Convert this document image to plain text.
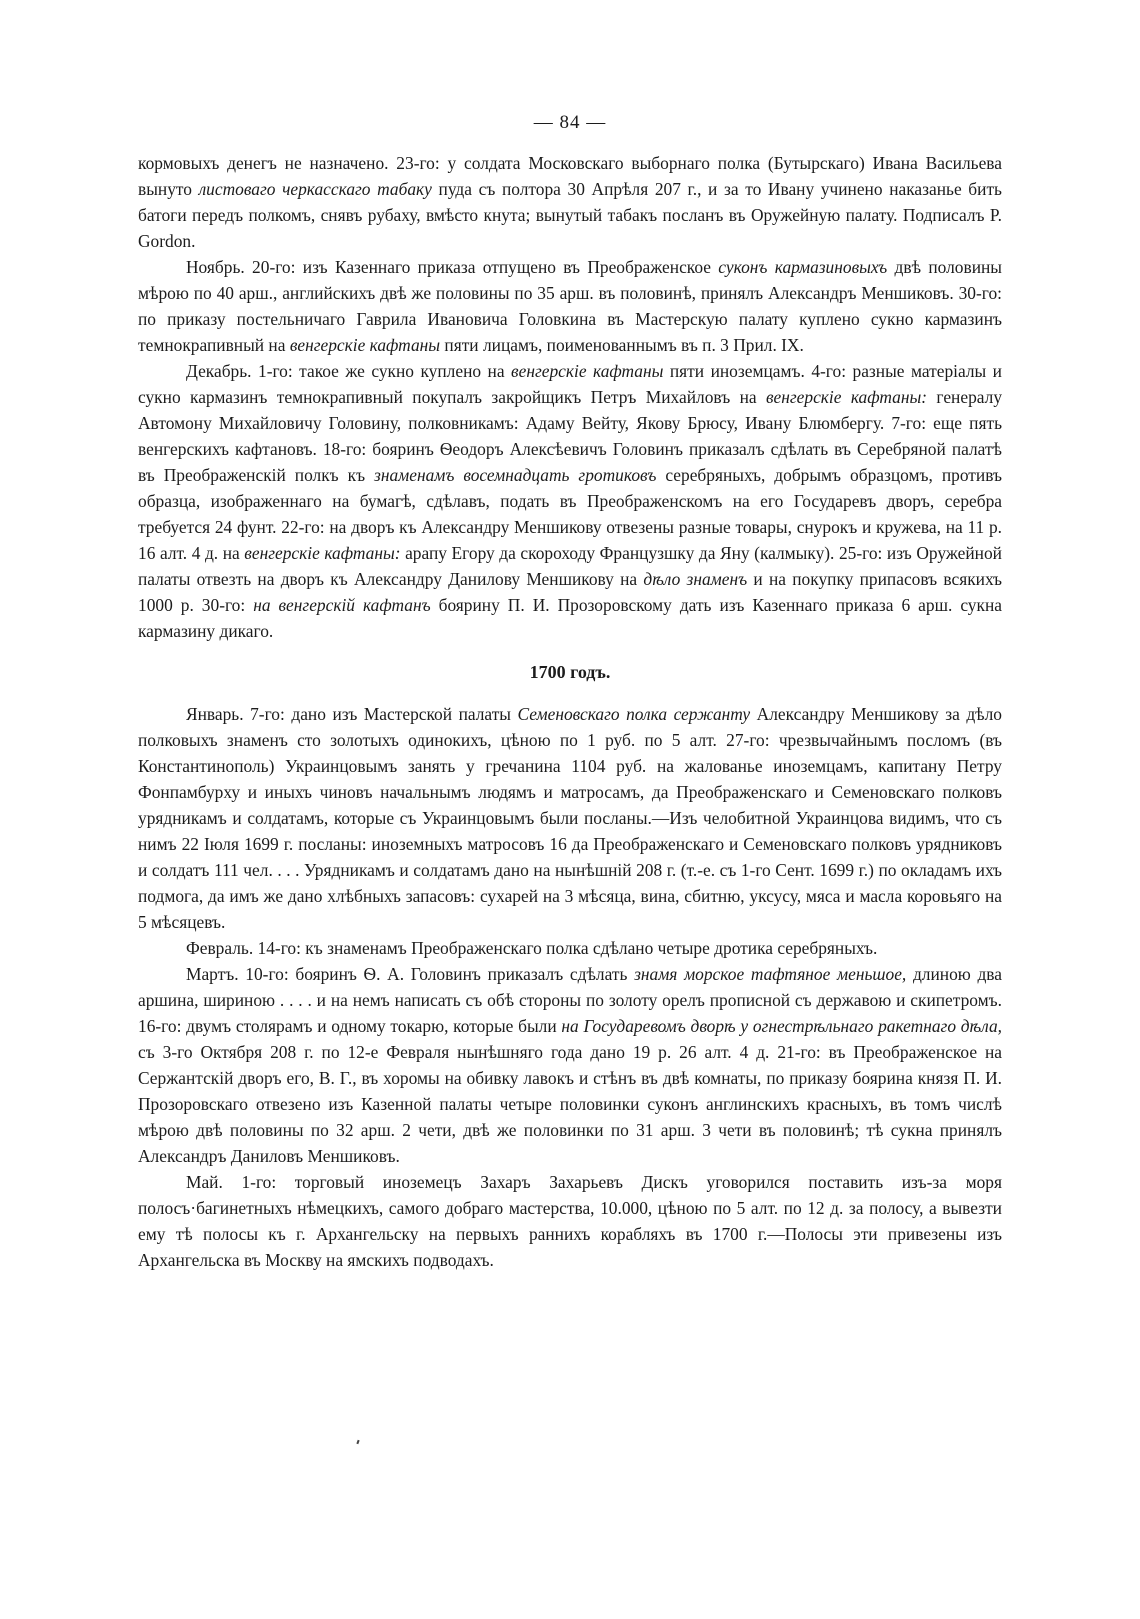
— 84 —

кормовыхъ денегъ не назначено. 23-го: у солдата Московскаго выборнаго полка (Бутырскаго) Ивана Васильева вынуто листоваго черкасскаго табаку пуда съ полтора 30 Апрѣля 207 г., и за то Ивану учинено наказанье бить батоги передъ полкомъ, снявъ рубаху, вмѣсто кнута; вынутый табакъ посланъ въ Оружейную палату. Подписалъ P. Gordon.

Ноябрь. 20-го: изъ Казеннаго приказа отпущено въ Преображенское суконъ кармазиновыхъ двѣ половины мѣрою по 40 арш., английскихъ двѣ же половины по 35 арш. въ половинѣ, принялъ Александръ Меншиковъ. 30-го: по приказу постельничаго Гаврила Ивановича Головкина въ Мастерскую палату куплено сукно кармазинъ темнокрапивный на венгерскіе кафтаны пяти лицамъ, поименованнымъ въ п. 3 Прил. IX.

Декабрь. 1-го: такое же сукно куплено на венгерскіе кафтаны пяти иноземцамъ. 4-го: разные матеріалы и сукно кармазинъ темнокрапивный покупалъ закройщикъ Петръ Михайловъ на венгерскіе кафтаны: генералу Автомону Михайловичу Головину, полковникамъ: Адаму Вейту, Якову Брюсу, Ивану Блюмбергу. 7-го: еще пять венгерскихъ кафтановъ. 18-го: бояринъ Ѳеодоръ Алексѣевичъ Головинъ приказалъ сдѣлать въ Серебряной палатѣ въ Преображенскій полкъ къ знаменамъ восемнадцать гротиковъ серебряныхъ, добрымъ образцомъ, противъ образца, изображеннаго на бумагѣ, сдѣлавъ, подать въ Преображенскомъ на его Государевъ дворъ, серебра требуется 24 фунт. 22-го: на дворъ къ Александру Меншикову отвезены разные товары, снурокъ и кружева, на 11 р. 16 алт. 4 д. на венгерскіе кафтаны: арапу Егору да скороходу Французшку да Яну (калмыку). 25-го: изъ Оружейной палаты отвезть на дворъ къ Александру Данилову Меншикову на дѣло знаменъ и на покупку припасовъ всякихъ 1000 р. 30-го: на венгерскій кафтанъ боярину П. И. Прозоровскому дать изъ Казеннаго приказа 6 арш. сукна кармазину дикаго.

1700 годъ.

Январь. 7-го: дано изъ Мастерской палаты Семеновскаго полка сержанту Александру Меншикову за дѣло полковыхъ знаменъ сто золотыхъ одинокихъ, цѣною по 1 руб. по 5 алт. 27-го: чрезвычайнымъ посломъ (въ Константинополь) Украинцовымъ занять у гречанина 1104 руб. на жалованье иноземцамъ, капитану Петру Фонпамбурху и иныхъ чиновъ начальнымъ людямъ и матросамъ, да Преображенскаго и Семеновскаго полковъ урядникамъ и солдатамъ, которые съ Украинцовымъ были посланы.—Изъ челобитной Украинцова видимъ, что съ нимъ 22 Іюля 1699 г. посланы: иноземныхъ матросовъ 16 да Преображенскаго и Семеновскаго полковъ урядниковъ и солдатъ 111 чел. . . . Урядникамъ и солдатамъ дано на нынѣшній 208 г. (т.-е. съ 1-го Сент. 1699 г.) по окладамъ ихъ подмога, да имъ же дано хлѣбныхъ запасовъ: сухарей на 3 мѣсяца, вина, сбитню, уксусу, мяса и масла коровьяго на 5 мѣсяцевъ.

Февраль. 14-го: къ знаменамъ Преображенскаго полка сдѣлано четыре дротика серебряныхъ.

Мартъ. 10-го: бояринъ Ѳ. А. Головинъ приказалъ сдѣлать знамя морское тафтяное меньшое, длиною два аршина, шириною . . . . и на немъ написать съ обѣ стороны по золоту орелъ прописной съ державою и скипетромъ. 16-го: двумъ столярамъ и одному токарю, которые были на Государевомъ дворѣ у огнестрѣльнаго ракетнаго дѣла, съ 3-го Октября 208 г. по 12-е Февраля нынѣшняго года дано 19 р. 26 алт. 4 д. 21-го: въ Преображенское на Сержантскій дворъ его, В. Г., въ хоромы на обивку лавокъ и стѣнъ въ двѣ комнаты, по приказу боярина князя П. И. Прозоровскаго отвезено изъ Казенной палаты четыре половинки суконъ англинскихъ красныхъ, въ томъ числѣ мѣрою двѣ половины по 32 арш. 2 чети, двѣ же половинки по 31 арш. 3 чети въ половинѣ; тѣ сукна принялъ Александръ Даниловъ Меншиковъ.

Май. 1-го: торговый иноземецъ Захаръ Захарьевъ Дискъ уговорился поставить изъ-за моря полосъ·багинетныхъ нѣмецкихъ, самого добраго мастерства, 10.000, цѣною по 5 алт. по 12 д. за полосу, а вывезти ему тѣ полосы къ г. Архангельску на первыхъ раннихъ корабляхъ въ 1700 г.—Полосы эти привезены изъ Архангельска въ Москву на ямскихъ подводахъ.
